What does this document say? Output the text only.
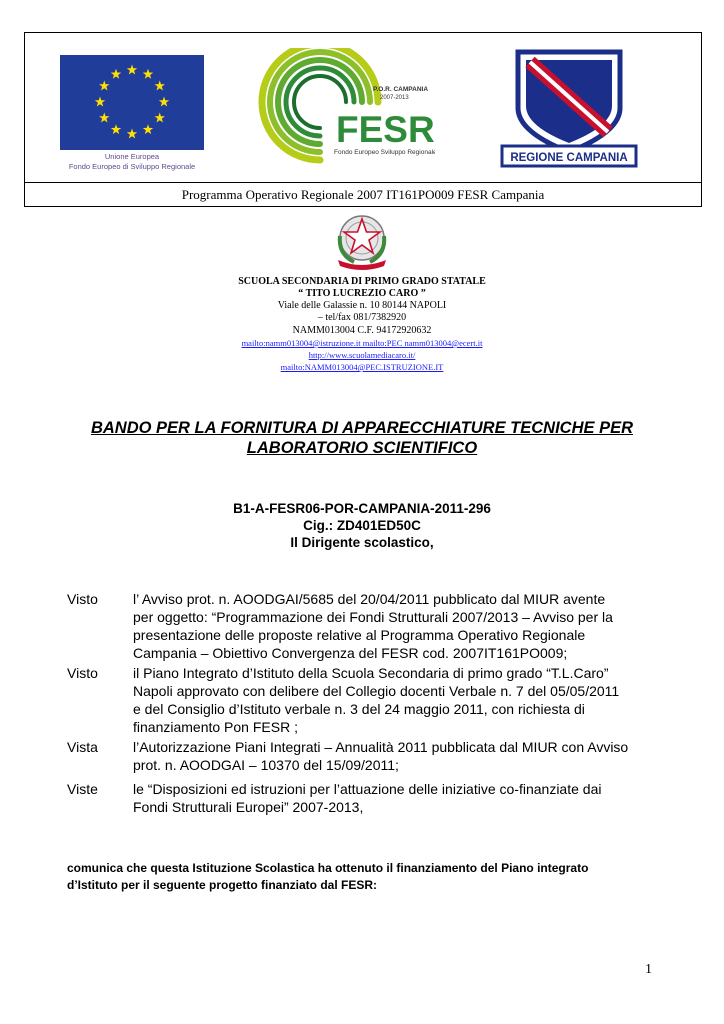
Unione Europea
Fondo Europeo di Sviluppo Regionale
P.O.R. CAMPANIA
2007-2013
FESR
Fondo Europeo Sviluppo Regionale	REGIONE CAMPANIA
Programma Operativo Regionale 2007 IT161PO009 FESR Campania
SCUOLA SECONDARIA DI PRIMO GRADO STATALE
“ TITO LUCREZIO CARO ”
Viale delle Galassie n. 10 80144 NAPOLI
– tel/fax 081/7382920
NAMM013004 C.F. 94172920632
mailto:namm013004@istruzione.it mailto:PEC namm013004@ecert.it
http://www.scuolamediacaro.it/
mailto:NAMM013004@PEC.ISTRUZIONE.IT
BANDO PER LA FORNITURA DI APPARECCHIATURE TECNICHE PER
LABORATORIO SCIENTIFICO
B1-A-FESR06-POR-CAMPANIA-2011-296
Cig.: ZD401ED50C
Il Dirigente scolastico,
Visto	l’ Avviso prot. n. AOODGAI/5685 del 20/04/2011 pubblicato dal MIUR avente
per oggetto: “Programmazione dei Fondi Strutturali 2007/2013 – Avviso per la
presentazione delle proposte relative al Programma Operativo Regionale
Campania – Obiettivo Convergenza del FESR cod. 2007IT161PO009;
Visto	il Piano Integrato d’Istituto della Scuola Secondaria di primo grado “T.L.Caro”
Napoli approvato con delibere del Collegio docenti Verbale n. 7 del 05/05/2011
e del Consiglio d’Istituto verbale n. 3 del 24 maggio 2011, con richiesta di
finanziamento Pon FESR ;
Vista	l’Autorizzazione Piani Integrati – Annualità 2011 pubblicata dal MIUR con Avviso
prot. n. AOODGAI – 10370 del 15/09/2011;
Viste	le “Disposizioni ed istruzioni per l’attuazione delle iniziative co-finanziate dai
Fondi Strutturali Europei” 2007-2013,
comunica che questa Istituzione Scolastica ha ottenuto il finanziamento del Piano integrato
d’Istituto per il seguente progetto finanziato dal FESR:
1
